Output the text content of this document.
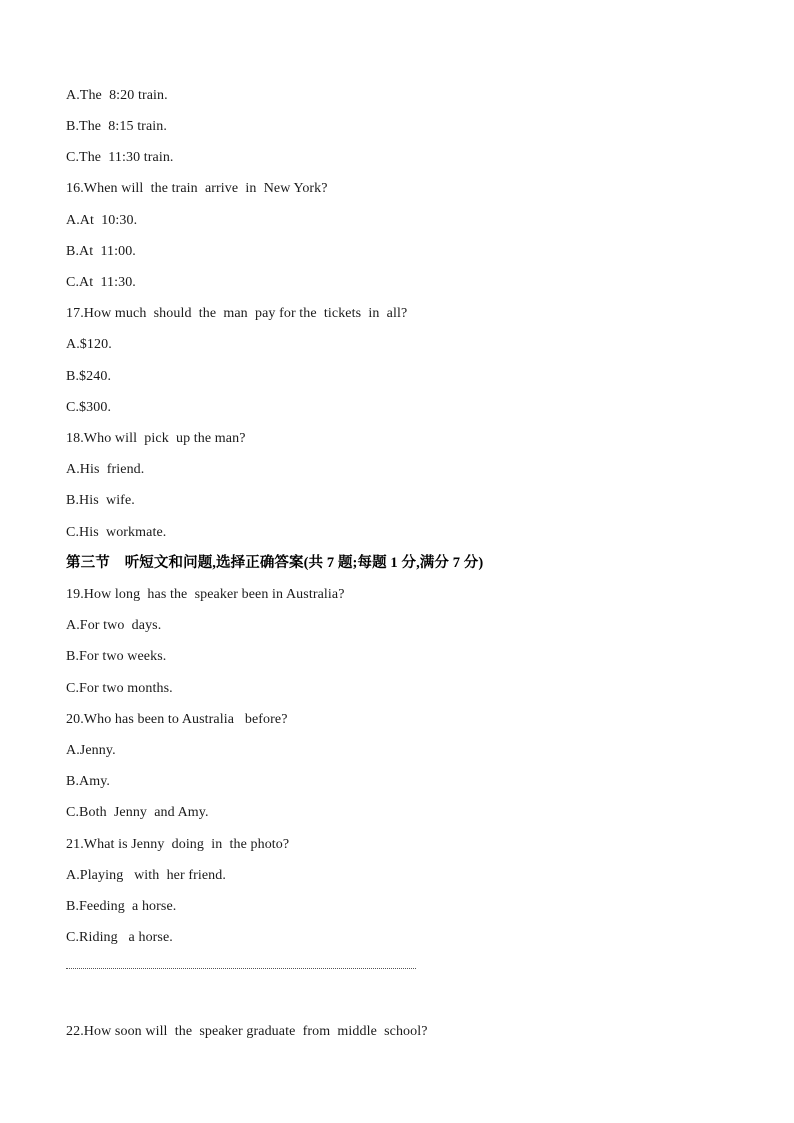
A.The  8:20 train.
B.The  8:15 train.
C.The  11:30 train.
16.When will  the train  arrive  in  New York?
A.At  10:30.
B.At  11:00.
C.At  11:30.
17.How much  should  the  man  pay for the  tickets  in  all?
A.$120.
B.$240.
C.$300.
18.Who will  pick  up the man?
A.His  friend.
B.His  wife.
C.His  workmate.
第三节    听短文和问题,选择正确答案(共 7 题;每题 1 分,满分 7 分)
19.How long  has the  speaker been in Australia?
A.For two  days.
B.For two weeks.
C.For two months.
20.Who has been to Australia   before?
A.Jenny.
B.Amy.
C.Both  Jenny  and Amy.
21.What is Jenny  doing  in  the photo?
A.Playing   with  her friend.
B.Feeding  a horse.
C.Riding   a horse.
22.How soon will  the  speaker graduate  from  middle  school?
